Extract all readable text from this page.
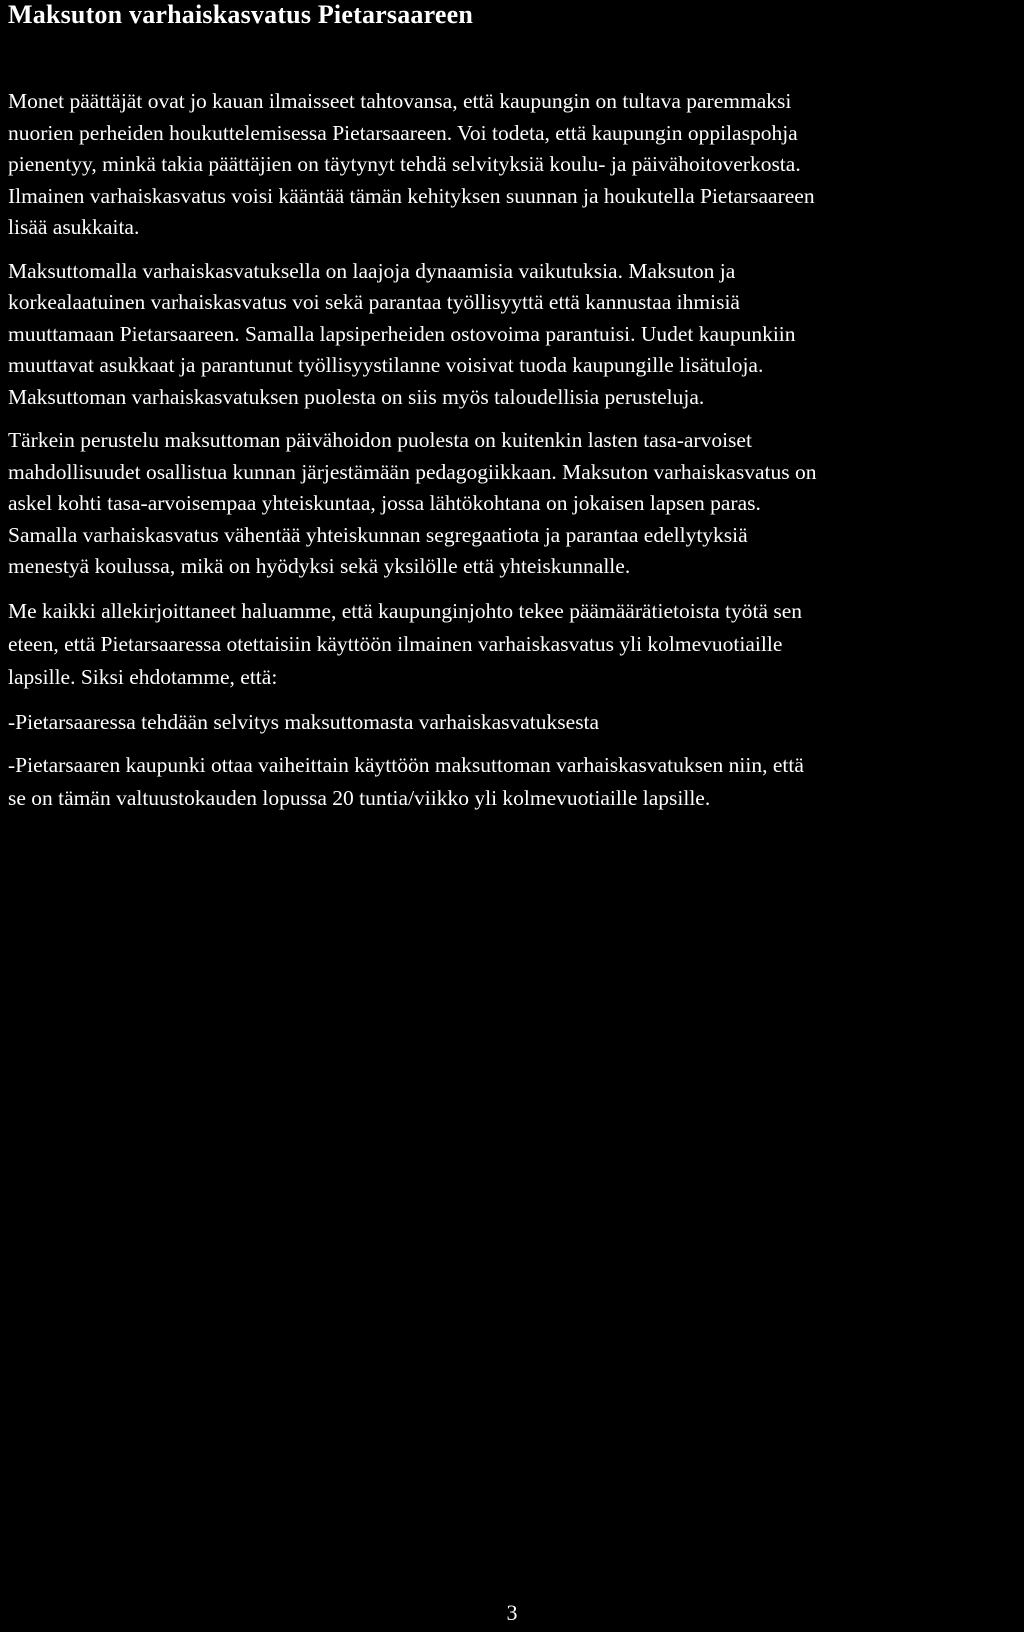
Maksuton varhaiskasvatus Pietarsaareen

Monet päättäjät ovat jo kauan ilmaisseet tahtovansa, että kaupungin on tultava paremmaksi
nuorien perheiden houkuttelemisessa Pietarsaareen. Voi todeta, että kaupungin oppilaspohja
pienentyy, minkä takia päättäjien on täytynyt tehdä selvityksiä koulu- ja päivähoitoverkosta.
Ilmainen varhaiskasvatus voisi kääntää tämän kehityksen suunnan ja houkutella Pietarsaareen
lisää asukkaita.

Maksuttomalla varhaiskasvatuksella on laajoja dynaamisia vaikutuksia. Maksuton ja
korkealaatuinen varhaiskasvatus voi sekä parantaa työllisyyttä että kannustaa ihmisiä
muuttamaan Pietarsaareen. Samalla lapsiperheiden ostovoima parantuisi. Uudet kaupunkiin
muuttavat asukkaat ja parantunut työllisyystilanne voisivat tuoda kaupungille lisätuloja.
Maksuttoman varhaiskasvatuksen puolesta on siis myös taloudellisia perusteluja.

Tärkein perustelu maksuttoman päivähoidon puolesta on kuitenkin lasten tasa-arvoiset
mahdollisuudet osallistua kunnan järjestämään pedagogiikkaan. Maksuton varhaiskasvatus on
askel kohti tasa-arvoisempaa yhteiskuntaa, jossa lähtökohtana on jokaisen lapsen paras.
Samalla varhaiskasvatus vähentää yhteiskunnan segregaatiota ja parantaa edellytyksiä
menestyä koulussa, mikä on hyödyksi sekä yksilölle että yhteiskunnalle.

Me kaikki allekirjoittaneet haluamme, että kaupunginjohto tekee päämäärätietoista työtä sen
eteen, että Pietarsaaressa otettaisiin käyttöön ilmainen varhaiskasvatus yli kolmevuotiaille
lapsille. Siksi ehdotamme, että:

-Pietarsaaressa tehdään selvitys maksuttomasta varhaiskasvatuksesta

-Pietarsaaren kaupunki ottaa vaiheittain käyttöön maksuttoman varhaiskasvatuksen niin, että
se on tämän valtuustokauden lopussa 20 tuntia/viikko yli kolmevuotiaille lapsille.

3
